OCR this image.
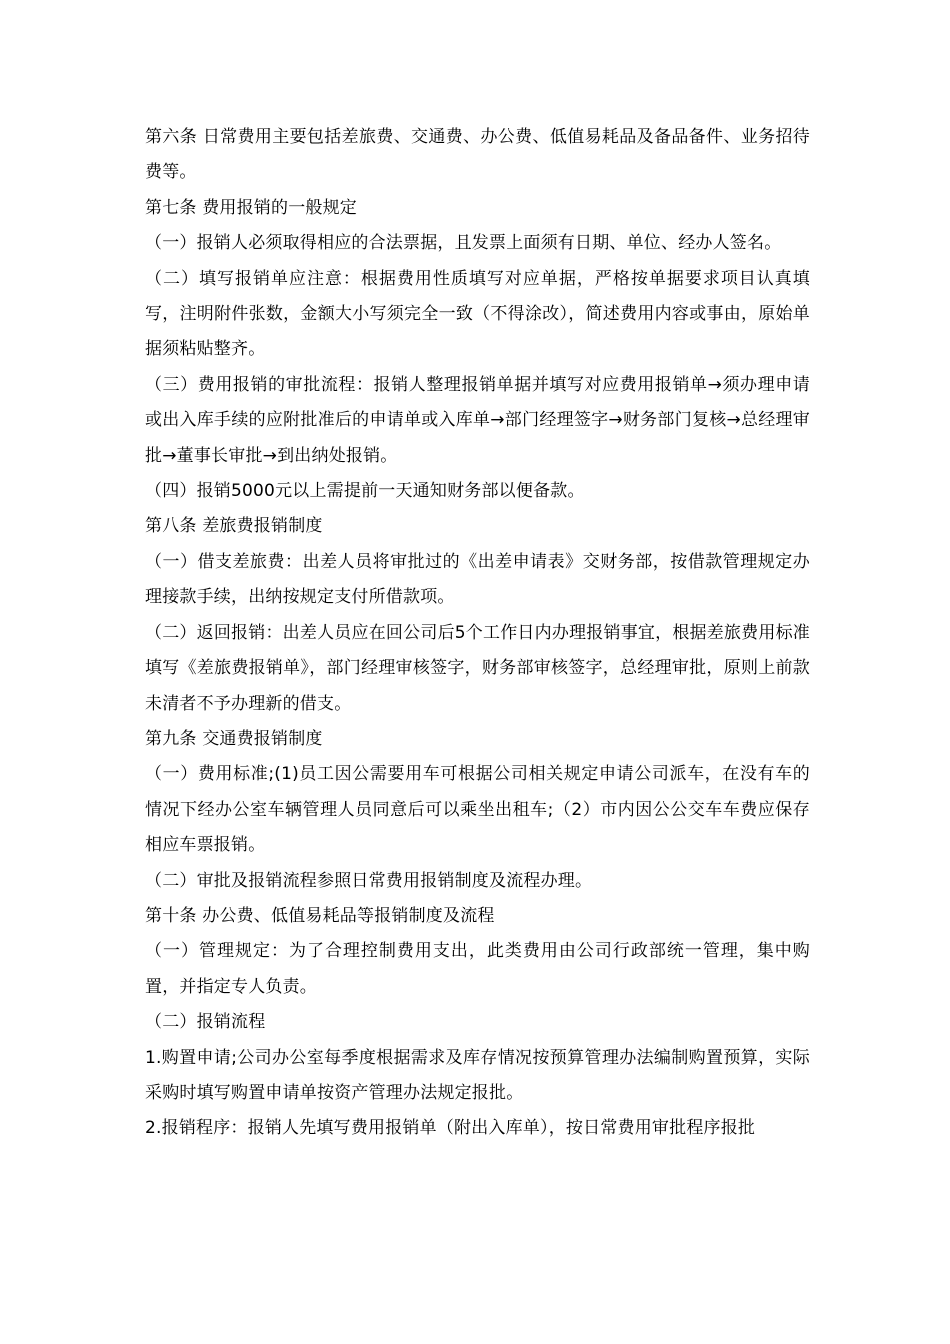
第六条 日常费用主要包括差旅费、交通费、办公费、低值易耗品及备品备件、业务招待费等。

第七条 费用报销的一般规定

（一）报销人必须取得相应的合法票据，且发票上面须有日期、单位、经办人签名。

（二）填写报销单应注意：根据费用性质填写对应单据，严格按单据要求项目认真填写，注明附件张数，金额大小写须完全一致（不得涂改），简述费用内容或事由，原始单据须粘贴整齐。

（三）费用报销的审批流程：报销人整理报销单据并填写对应费用报销单→须办理申请或出入库手续的应附批准后的申请单或入库单→部门经理签字→财务部门复核→总经理审批→董事长审批→到出纳处报销。

（四）报销5000元以上需提前一天通知财务部以便备款。

第八条 差旅费报销制度

（一）借支差旅费：出差人员将审批过的《出差申请表》交财务部，按借款管理规定办理接款手续，出纳按规定支付所借款项。

（二）返回报销：出差人员应在回公司后5个工作日内办理报销事宜，根据差旅费用标准填写《差旅费报销单》，部门经理审核签字，财务部审核签字，总经理审批，原则上前款未清者不予办理新的借支。

第九条 交通费报销制度

（一）费用标准;(1)员工因公需要用车可根据公司相关规定申请公司派车，在没有车的情况下经办公室车辆管理人员同意后可以乘坐出租车;（2）市内因公公交车车费应保存相应车票报销。

（二）审批及报销流程参照日常费用报销制度及流程办理。

第十条 办公费、低值易耗品等报销制度及流程

（一）管理规定：为了合理控制费用支出，此类费用由公司行政部统一管理，集中购置，并指定专人负责。

（二）报销流程

1.购置申请;公司办公室每季度根据需求及库存情况按预算管理办法编制购置预算，实际采购时填写购置申请单按资产管理办法规定报批。

2.报销程序：报销人先填写费用报销单（附出入库单），按日常费用审批程序报批
